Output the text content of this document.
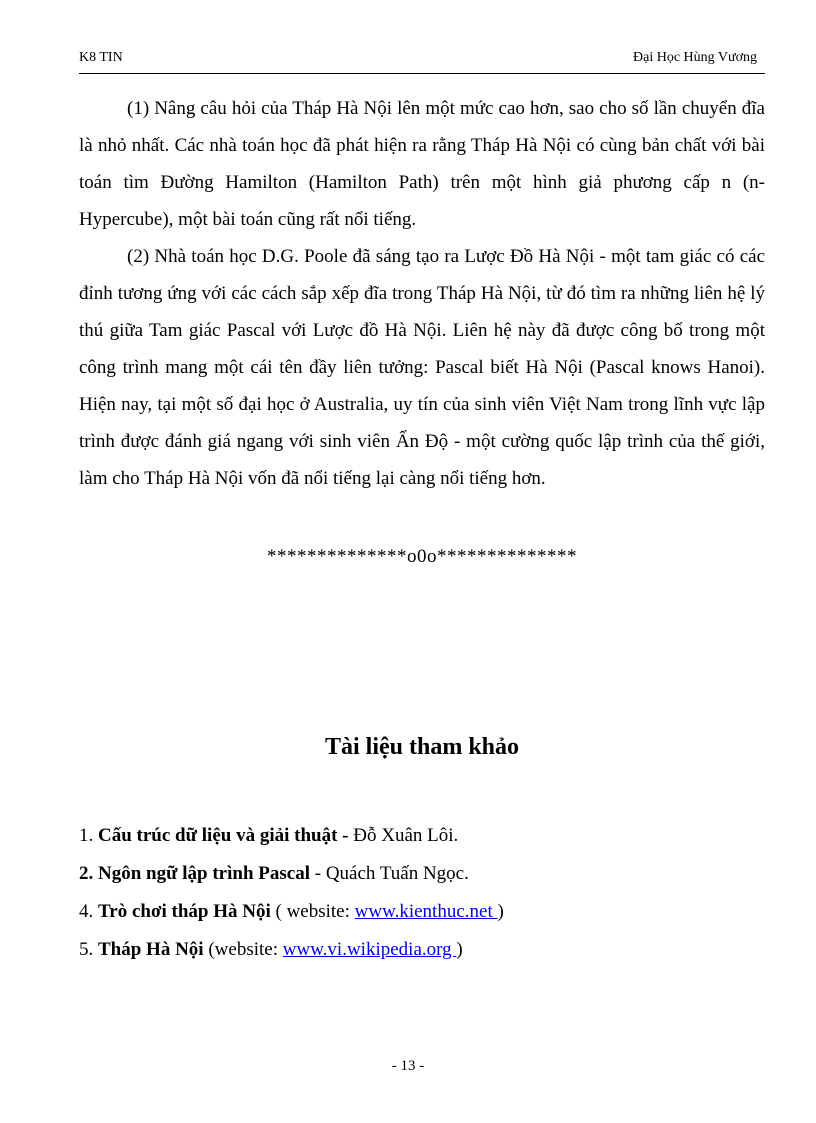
K8 TIN	Đại Học Hùng Vương

(1) Nâng câu hỏi của Tháp Hà Nội lên một mức cao hơn, sao cho số lần chuyển đĩa là nhỏ nhất. Các nhà toán học đã phát hiện ra rằng Tháp Hà Nội có cùng bản chất với bài toán tìm Đường Hamilton (Hamilton Path) trên một hình giả phương cấp n (n-Hypercube), một bài toán cũng rất nổi tiếng.

(2) Nhà toán học D.G. Poole đã sáng tạo ra Lược Đồ Hà Nội - một tam giác có các đỉnh tương ứng với các cách sắp xếp đĩa trong Tháp Hà Nội, từ đó tìm ra những liên hệ lý thú giữa Tam giác Pascal với Lược đồ Hà Nội. Liên hệ này đã được công bố trong một công trình mang một cái tên đầy liên tưởng: Pascal biết Hà Nội (Pascal knows Hanoi). Hiện nay, tại một số đại học ở Australia, uy tín của sinh viên Việt Nam trong lĩnh vực lập trình được đánh giá ngang với sinh viên Ấn Độ - một cường quốc lập trình của thế giới, làm cho Tháp Hà Nội vốn đã nổi tiếng lại càng nổi tiếng hơn.

**************o0o**************
Tài liệu tham khảo
1. Cấu trúc dữ liệu và giải thuật - Đỗ Xuân Lôi.
2. Ngôn ngữ lập trình Pascal - Quách Tuấn Ngọc.
4. Trò chơi tháp Hà Nội ( website: www.kienthuc.net )
5. Tháp Hà Nội (website: www.vi.wikipedia.org )
- 13 -
